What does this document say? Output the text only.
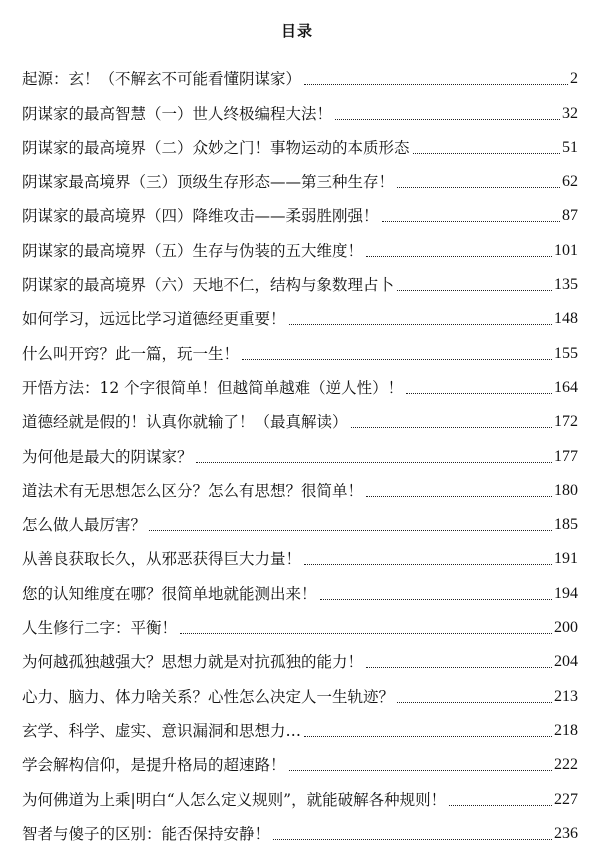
目录
起源：玄！（不解玄不可能看懂阴谋家）	2
阴谋家的最高智慧（一）世人终极编程大法！	32
阴谋家的最高境界（二）众妙之门！事物运动的本质形态	51
阴谋家最高境界（三）顶级生存形态——第三种生存！	62
阴谋家的最高境界（四）降维攻击——柔弱胜刚强！	87
阴谋家的最高境界（五）生存与伪装的五大维度！	101
阴谋家的最高境界（六）天地不仁，结构与象数理占卜	135
如何学习，远远比学习道德经更重要！	148
什么叫开窍？此一篇，玩一生！	155
开悟方法：12 个字很简单！但越简单越难（逆人性）！	164
道德经就是假的！认真你就输了！（最真解读）	172
为何他是最大的阴谋家？	177
道法术有无思想怎么区分？怎么有思想？很简单！	180
怎么做人最厉害？	185
从善良获取长久，从邪恶获得巨大力量！	191
您的认知维度在哪？很简单地就能测出来！	194
人生修行二字：平衡！	200
为何越孤独越强大？思想力就是对抗孤独的能力！	204
心力、脑力、体力啥关系？心性怎么决定人一生轨迹？	213
玄学、科学、虚实、意识漏洞和思想力…	218
学会解构信仰，是提升格局的超速路！	222
为何佛道为上乘|明白“人怎么定义规则”，就能破解各种规则！	227
智者与傻子的区别：能否保持安静！	236
